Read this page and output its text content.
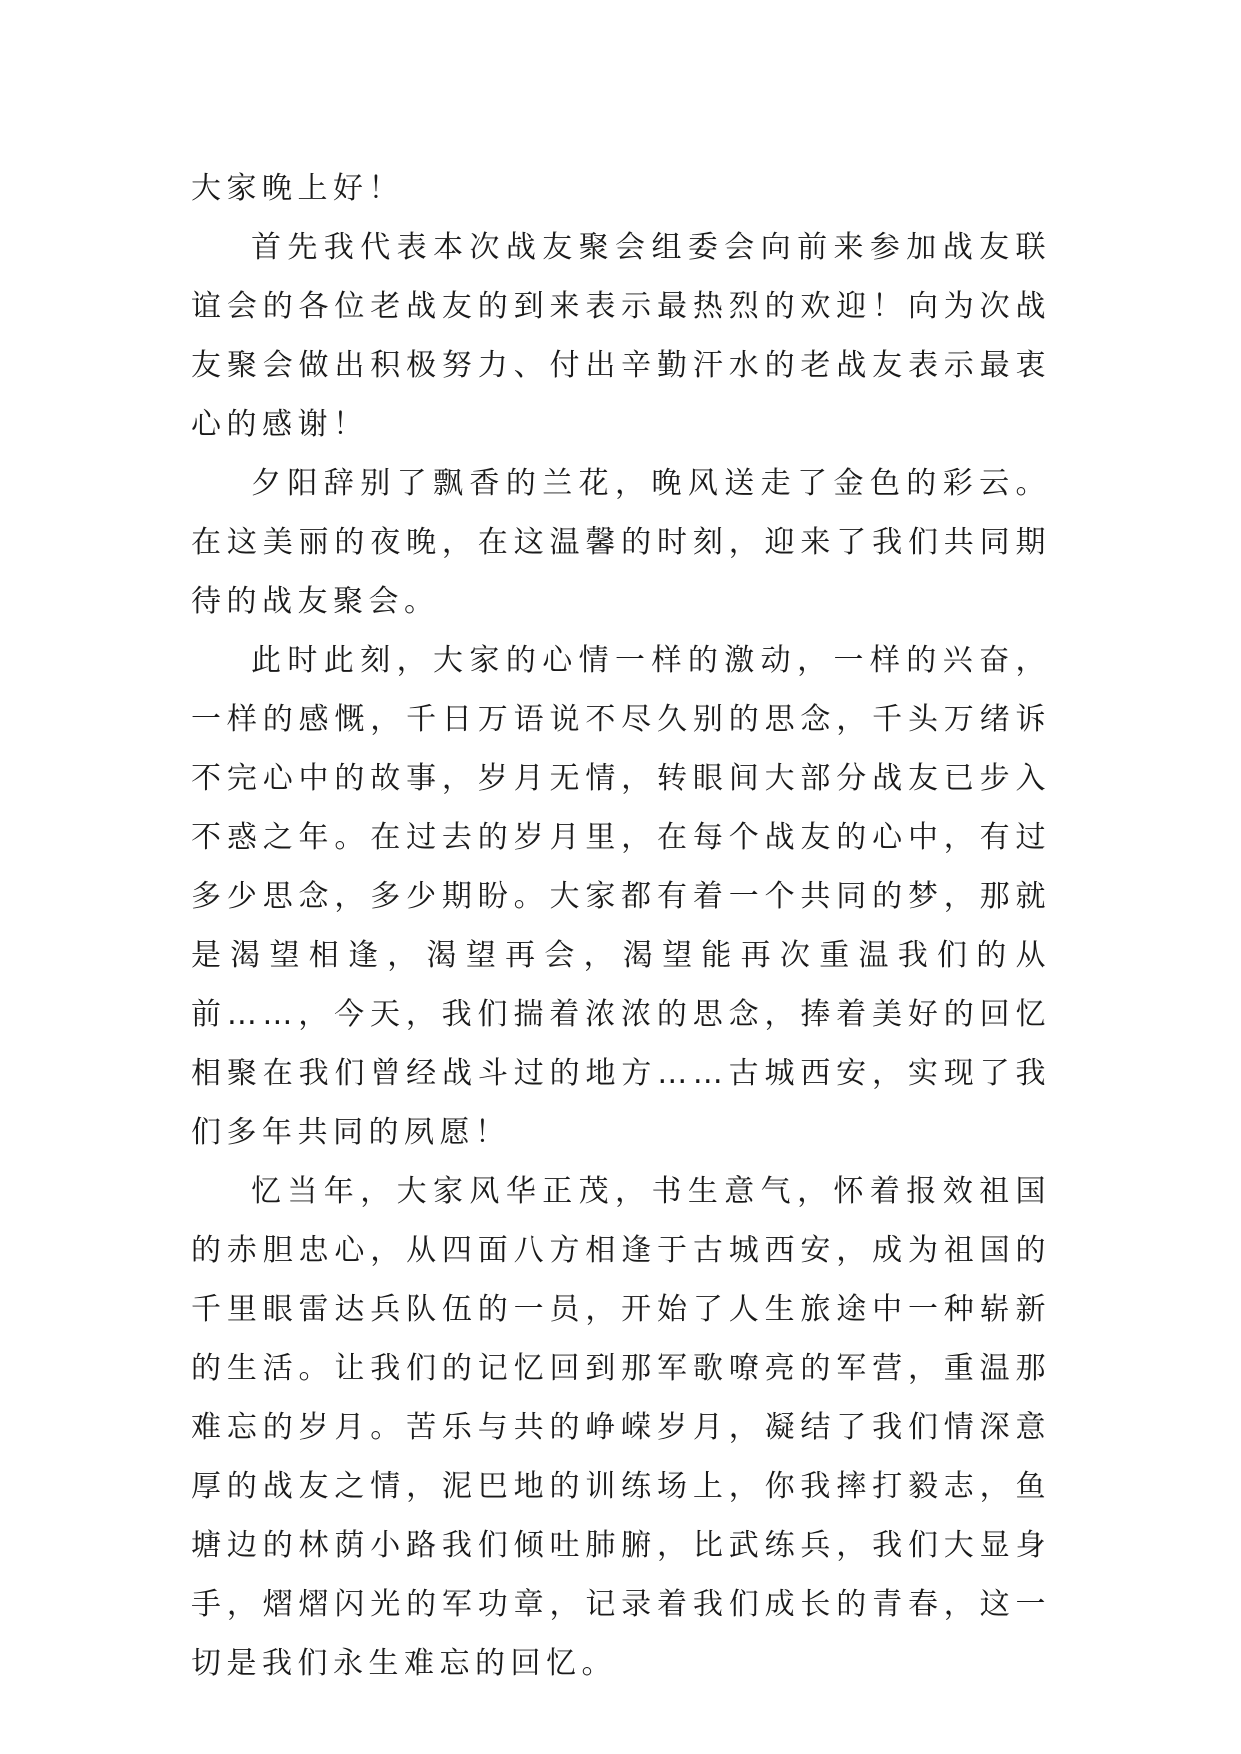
大家晚上好！

首先我代表本次战友聚会组委会向前来参加战友联谊会的各位老战友的到来表示最热烈的欢迎！向为次战友聚会做出积极努力、付出辛勤汗水的老战友表示最衷心的感谢！

夕阳辞别了飘香的兰花，晚风送走了金色的彩云。在这美丽的夜晚，在这温馨的时刻，迎来了我们共同期待的战友聚会。

此时此刻，大家的心情一样的激动，一样的兴奋，一样的感慨，千日万语说不尽久别的思念，千头万绪诉不完心中的故事，岁月无情，转眼间大部分战友已步入不惑之年。在过去的岁月里，在每个战友的心中，有过多少思念，多少期盼。大家都有着一个共同的梦，那就是渴望相逢，渴望再会，渴望能再次重温我们的从前……，今天，我们揣着浓浓的思念，捧着美好的回忆相聚在我们曾经战斗过的地方……古城西安，实现了我们多年共同的夙愿！

忆当年，大家风华正茂，书生意气，怀着报效祖国的赤胆忠心，从四面八方相逢于古城西安，成为祖国的千里眼雷达兵队伍的一员，开始了人生旅途中一种崭新的生活。让我们的记忆回到那军歌嘹亮的军营，重温那难忘的岁月。苦乐与共的峥嵘岁月，凝结了我们情深意厚的战友之情，泥巴地的训练场上，你我摔打毅志，鱼塘边的林荫小路我们倾吐肺腑，比武练兵，我们大显身手，熠熠闪光的军功章，记录着我们成长的青春，这一切是我们永生难忘的回忆。
